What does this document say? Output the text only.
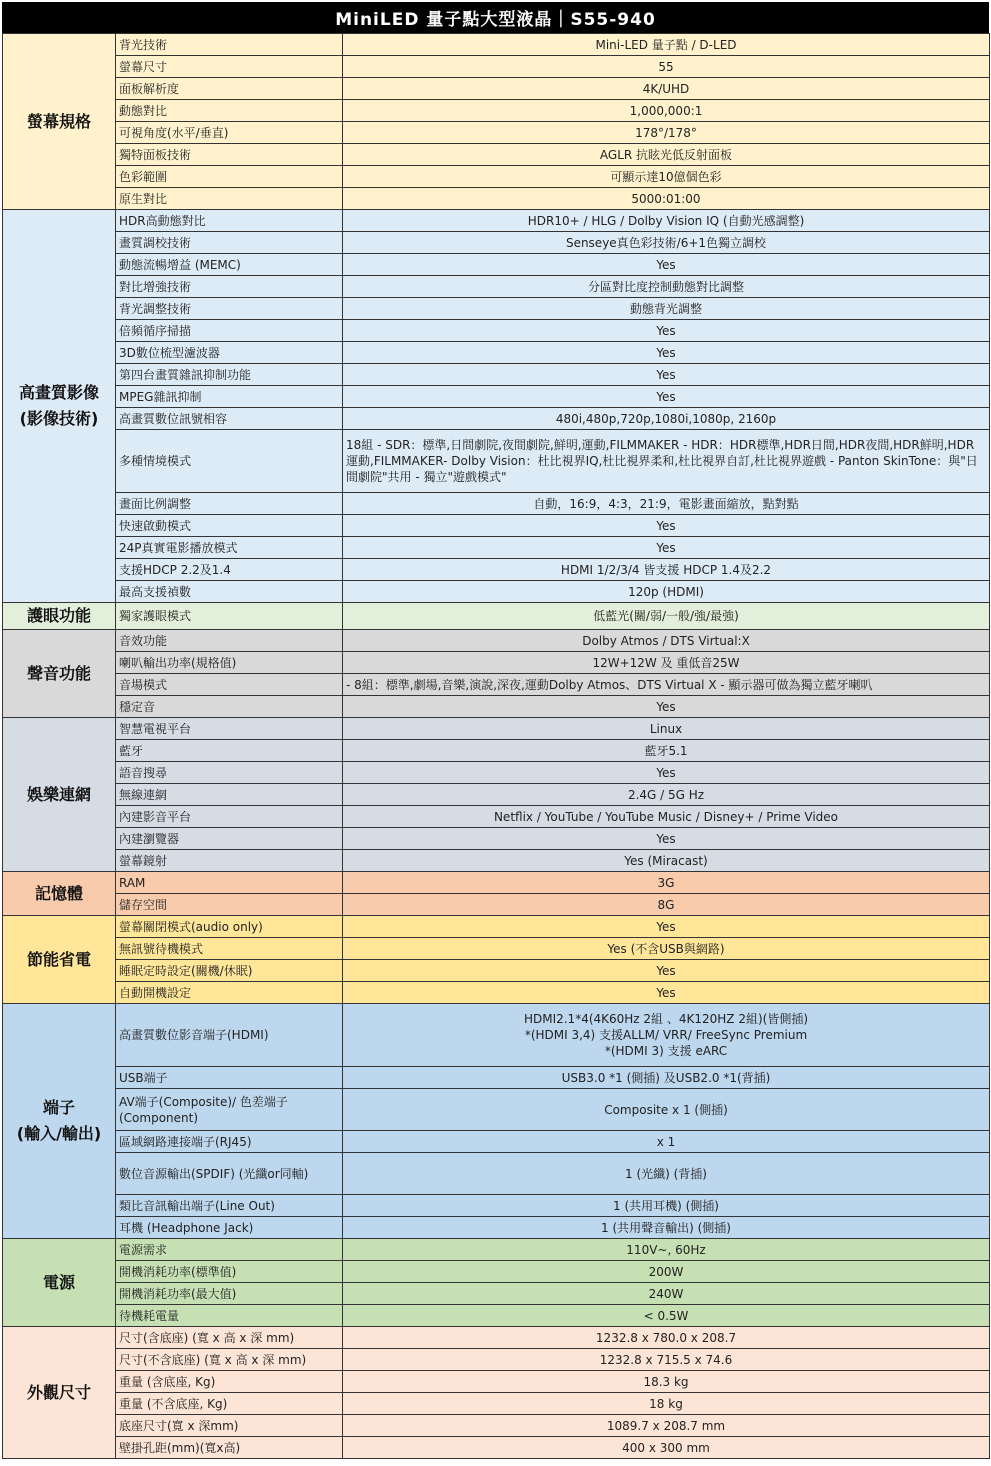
MiniLED 量子點大型液晶｜S55-940
螢幕規格	背光技術	Mini-LED 量子點 / D-LED
	螢幕尺寸	55
	面板解析度	4K/UHD
	動態對比	1,000,000:1
	可視角度(水平/垂直)	178°/178°
	獨特面板技術	AGLR 抗眩光低反射面板
	色彩範圍	可顯示達10億個色彩
	原生對比	5000:01:00
高畫質影像
(影像技術)	HDR高動態對比	HDR10+ / HLG / Dolby Vision IQ (自動光感調整)
	畫質調校技術	Senseye真色彩技術/6+1色獨立調校
	動態流暢增益 (MEMC)	Yes
	對比增強技術	分區對比度控制動態對比調整
	背光調整技術	動態背光調整
	倍頻循序掃描	Yes
	3D數位梳型濾波器	Yes
	第四台畫質雜訊抑制功能	Yes
	MPEG雜訊抑制	Yes
	高畫質數位訊號相容	480i,480p,720p,1080i,1080p, 2160p
	多種情境模式	18組 - SDR：標準,日間劇院,夜間劇院,鮮明,運動,FILMMAKER - HDR：HDR標準,HDR日間,HDR夜間,HDR鮮明,HDR運動,FILMMAKER- Dolby Vision：杜比視界IQ,杜比視界柔和,杜比視界自訂,杜比視界遊戲 - Panton SkinTone：與"日間劇院"共用 - 獨立"遊戲模式"
	畫面比例調整	自動，16:9，4:3，21:9，電影畫面縮放，點對點
	快速啟動模式	Yes
	24P真實電影播放模式	Yes
	支援HDCP 2.2及1.4	HDMI 1/2/3/4 皆支援 HDCP 1.4及2.2
	最高支援禎數	120p (HDMI)
護眼功能	獨家護眼模式	低藍光(關/弱/一般/強/最強)
聲音功能	音效功能	Dolby Atmos / DTS Virtual:X
	喇叭輸出功率(規格值)	12W+12W 及 重低音25W
	音場模式	- 8組：標準,劇場,音樂,演說,深夜,運動Dolby Atmos、DTS Virtual X - 顯示器可做為獨立藍牙喇叭
	穩定音	Yes
娛樂連網	智慧電視平台	Linux
	藍牙	藍牙5.1
	語音搜尋	Yes
	無線連網	2.4G / 5G Hz
	內建影音平台	Netflix / YouTube / YouTube Music / Disney+ / Prime Video
	內建瀏覽器	Yes
	螢幕鏡射	Yes (Miracast)
記憶體	RAM	3G
	儲存空間	8G
節能省電	螢幕關閉模式(audio only)	Yes
	無訊號待機模式	Yes (不含USB與網路)
	睡眠定時設定(關機/休眠)	Yes
	自動開機設定	Yes
端子
(輸入/輸出)	高畫質數位影音端子(HDMI)	HDMI2.1*4(4K60Hz 2組 、4K120HZ 2組)(皆側插)
*(HDMI 3,4) 支援ALLM/ VRR/ FreeSync Premium
*(HDMI 3) 支援 eARC
	USB端子	USB3.0 *1 (側插) 及USB2.0 *1(背插)
	AV端子(Composite)/ 色差端子(Component)	Composite x 1 (側插)
	區域網路連接端子(RJ45)	x 1
	數位音源輸出(SPDIF) (光纖or同軸)	1 (光纖) (背插)
	類比音訊輸出端子(Line Out)	1 (共用耳機) (側插)
	耳機 (Headphone Jack)	1 (共用聲音輸出) (側插)
電源	電源需求	110V~, 60Hz
	開機消耗功率(標準值)	200W
	開機消耗功率(最大值)	240W
	待機耗電量	< 0.5W
外觀尺寸	尺寸(含底座) (寬 x 高 x 深 mm)	1232.8 x 780.0 x 208.7
	尺寸(不含底座) (寬 x 高 x 深 mm)	1232.8 x 715.5 x 74.6
	重量 (含底座, Kg)	18.3 kg
	重量 (不含底座, Kg)	18 kg
	底座尺寸(寬 x 深mm)	1089.7 x 208.7 mm
	壁掛孔距(mm)(寬x高)	400 x 300 mm
